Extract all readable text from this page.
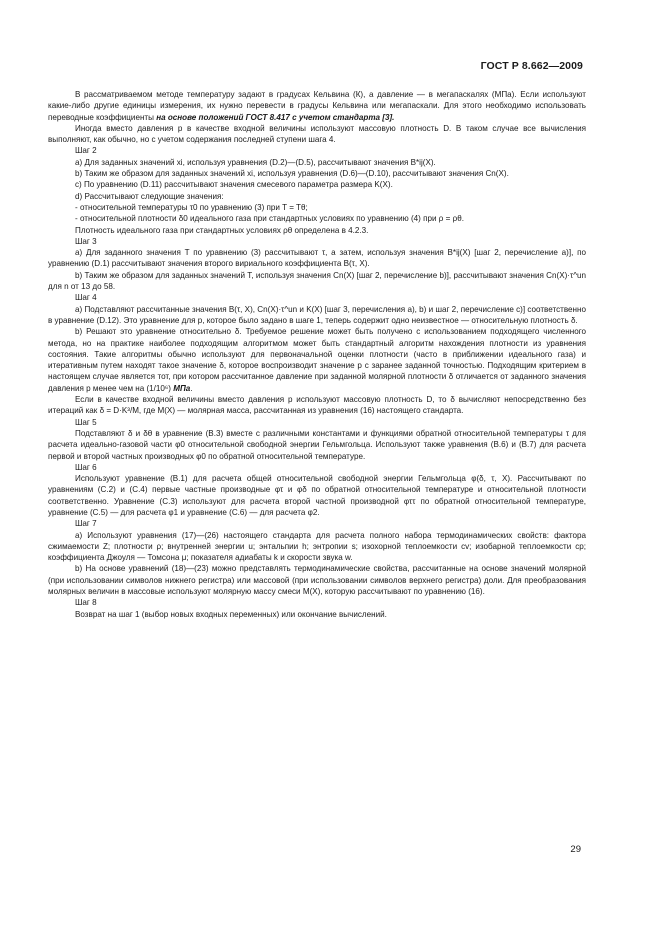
ГОСТ Р 8.662—2009

В рассматриваемом методе температуру задают в градусах Кельвина (К), а давление — в мегапаскалях (МПа). Если используют какие-либо другие единицы измерения, их нужно перевести в градусы Кельвина или мегапаскали. Для этого необходимо использовать переводные коэффициенты на основе положений ГОСТ 8.417 с учетом стандарта [3].

Иногда вместо давления p в качестве входной величины используют массовую плотность D. В таком случае все вычисления выполняют, как обычно, но с учетом содержания последней ступени шага 4.

Шаг 2

а) Для заданных значений xi, используя уравнения (D.2)—(D.5), рассчитывают значения B*ij(X).

b) Таким же образом для заданных значений xi, используя уравнения (D.6)—(D.10), рассчитывают значения Cn(X).

с) По уравнению (D.11) рассчитывают значения смесевого параметра размера K(X).

d) Рассчитывают следующие значения:

- относительной температуры τ0 по уравнению (3) при T = Tθ;

- относительной плотности δ0 идеального газа при стандартных условиях по уравнению (4) при ρ = ρθ.

Плотность идеального газа при стандартных условиях ρθ определена в 4.2.3.

Шаг 3

а) Для заданного значения T по уравнению (3) рассчитывают τ, а затем, используя значения B*ij(X) [шаг 2, перечисление а)], по уравнению (D.1) рассчитывают значения второго вириального коэффициента B(τ, X).

b) Таким же образом для заданных значений T, используя значения Cn(X) [шаг 2, перечисление b)], рассчитывают значения Cn(X)·τ^un для n от 13 до 58.

Шаг 4

а) Подставляют рассчитанные значения B(τ, X), Cn(X)·τ^un и K(X) [шаг 3, перечисления а), b) и шаг 2, перечисление с)] соответственно в уравнение (D.12). Это уравнение для p, которое было задано в шаге 1, теперь содержит одно неизвестное — относительную плотность δ.

b) Решают это уравнение относительно δ. Требуемое решение может быть получено с использованием подходящего численного метода, но на практике наиболее подходящим алгоритмом может быть стандартный алгоритм нахождения плотности из уравнения состояния. Такие алгоритмы обычно используют для первоначальной оценки плотности (часто в приближении идеального газа) и итеративным путем находят такое значение δ, которое воспроизводит значение p с заранее заданной точностью. Подходящим критерием в настоящем случае является тот, при котором рассчитанное давление при заданной молярной плотности δ отличается от заданного значения давления p менее чем на (1/10⁶) МПа.

Если в качестве входной величины вместо давления p используют массовую плотность D, то δ вычисляют непосредственно без итераций как δ = D·K³/M, где M(X) — молярная масса, рассчитанная из уравнения (16) настоящего стандарта.

Шаг 5

Подставляют δ и δθ в уравнение (В.3) вместе с различными константами и функциями обратной относительной температуры τ для расчета идеально-газовой части φ0 относительной свободной энергии Гельмгольца. Используют также уравнения (В.6) и (В.7) для расчета первой и второй частных производных φ0 по обратной относительной температуре.

Шаг 6

Используют уравнение (В.1) для расчета общей относительной свободной энергии Гельмгольца φ(δ, τ, X). Рассчитывают по уравнениям (С.2) и (С.4) первые частные производные φτ и φδ по обратной относительной температуре и относительной плотности соответственно. Уравнение (С.3) используют для расчета второй частной производной φττ по обратной относительной температуре, уравнение (С.5) — для расчета φ1 и уравнение (С.6) — для расчета φ2.

Шаг 7

а) Используют уравнения (17)—(26) настоящего стандарта для расчета полного набора термодинамических свойств: фактора сжимаемости Z; плотности ρ; внутренней энергии u; энтальпии h; энтропии s; изохорной теплоемкости cv; изобарной теплоемкости cp; коэффициента Джоуля — Томсона μ; показателя адиабаты k и скорости звука w.

b) На основе уравнений (18)—(23) можно представлять термодинамические свойства, рассчитанные на основе значений молярной (при использовании символов нижнего регистра) или массовой (при использовании символов верхнего регистра) доли. Для преобразования молярных величин в массовые используют молярную массу смеси M(X), которую рассчитывают по уравнению (16).

Шаг 8

Возврат на шаг 1 (выбор новых входных переменных) или окончание вычислений.

29
